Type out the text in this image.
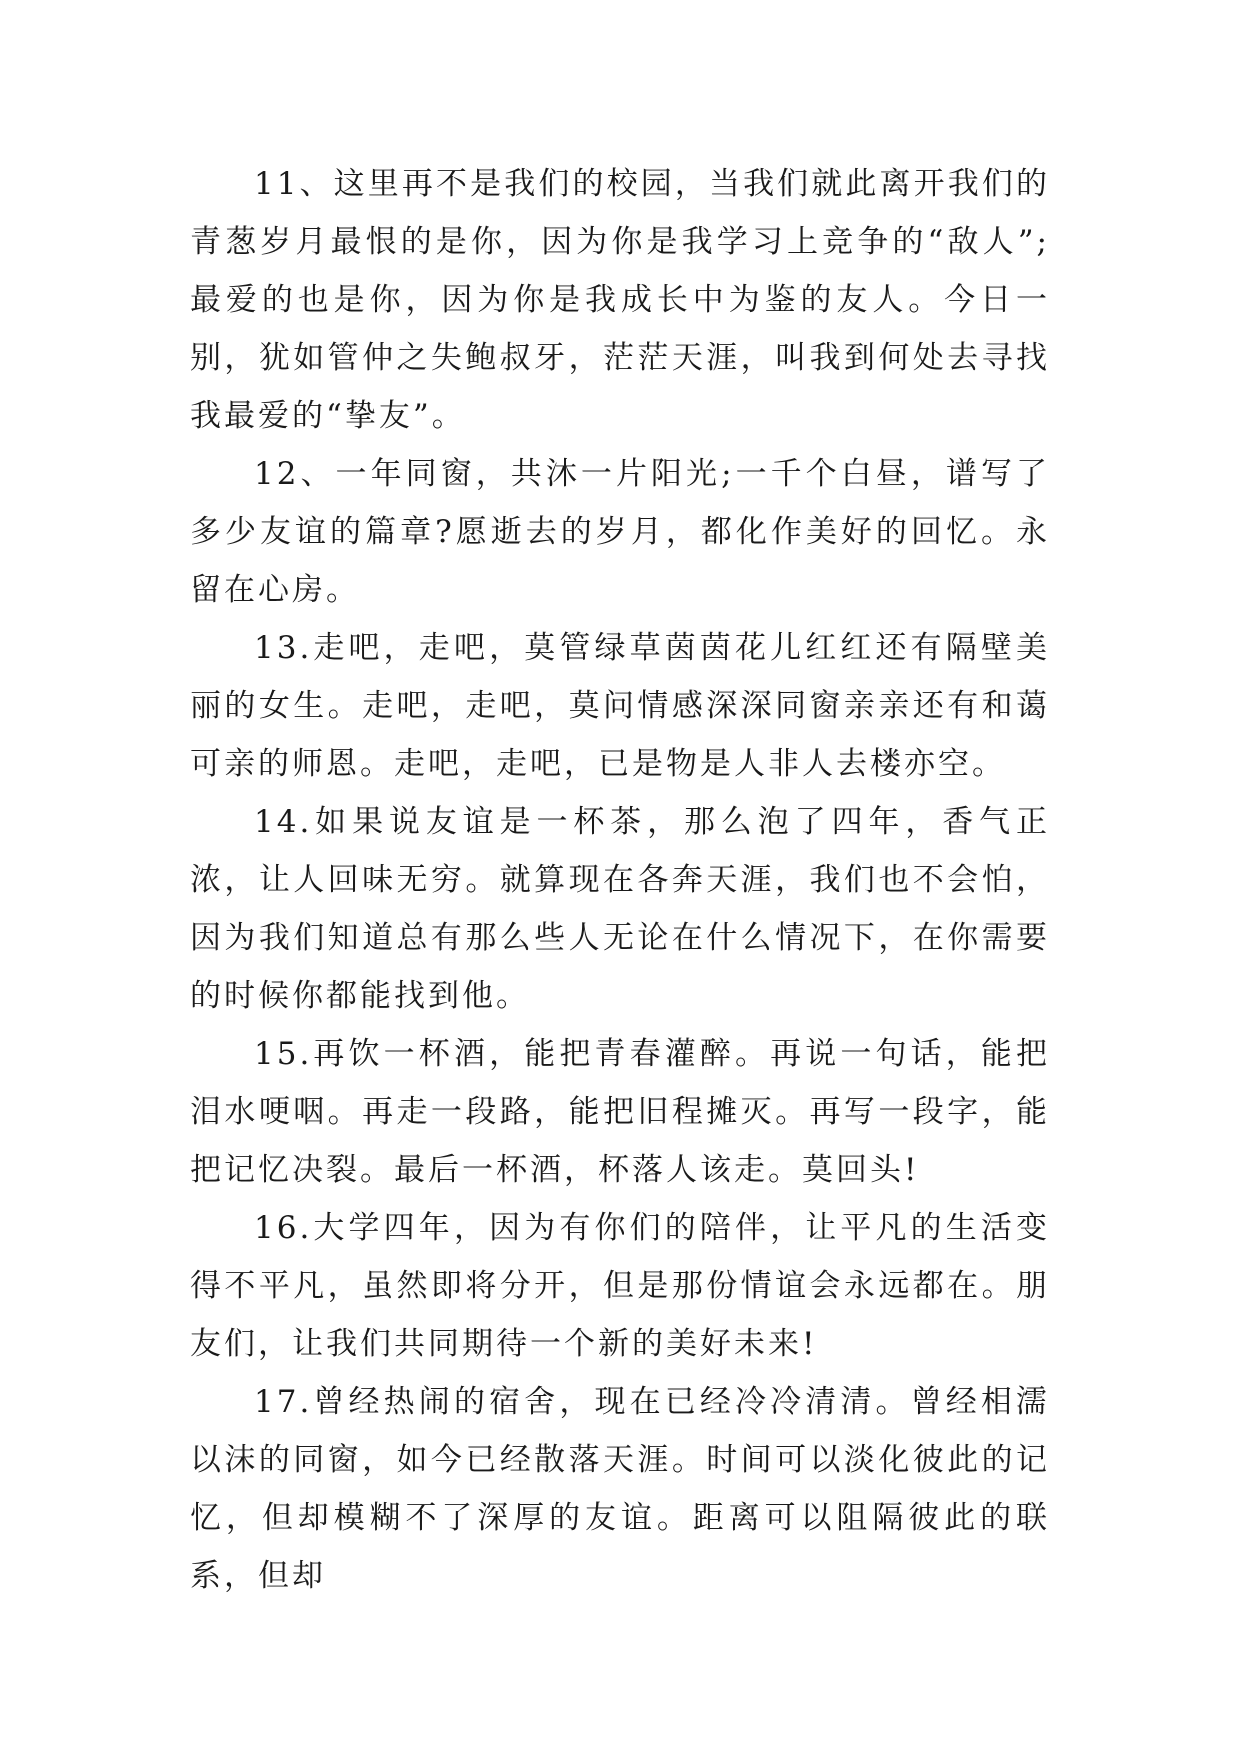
11、这里再不是我们的校园，当我们就此离开我们的青葱岁月最恨的是你，因为你是我学习上竞争的“敌人”;最爱的也是你，因为你是我成长中为鉴的友人。今日一别，犹如管仲之失鲍叔牙，茫茫天涯，叫我到何处去寻找我最爱的“挚友”。

12、一年同窗，共沐一片阳光;一千个白昼，谱写了多少友谊的篇章?愿逝去的岁月，都化作美好的回忆。永留在心房。

13.走吧，走吧，莫管绿草茵茵花儿红红还有隔壁美丽的女生。走吧，走吧，莫问情感深深同窗亲亲还有和蔼可亲的师恩。走吧，走吧，已是物是人非人去楼亦空。

14.如果说友谊是一杯茶，那么泡了四年，香气正浓，让人回味无穷。就算现在各奔天涯，我们也不会怕，因为我们知道总有那么些人无论在什么情况下，在你需要的时候你都能找到他。

15.再饮一杯酒，能把青春灌醉。再说一句话，能把泪水哽咽。再走一段路，能把旧程摊灭。再写一段字，能把记忆决裂。最后一杯酒，杯落人该走。莫回头!

16.大学四年，因为有你们的陪伴，让平凡的生活变得不平凡，虽然即将分开，但是那份情谊会永远都在。朋友们，让我们共同期待一个新的美好未来!

17.曾经热闹的宿舍，现在已经冷冷清清。曾经相濡以沫的同窗，如今已经散落天涯。时间可以淡化彼此的记忆，但却模糊不了深厚的友谊。距离可以阻隔彼此的联系，但却
